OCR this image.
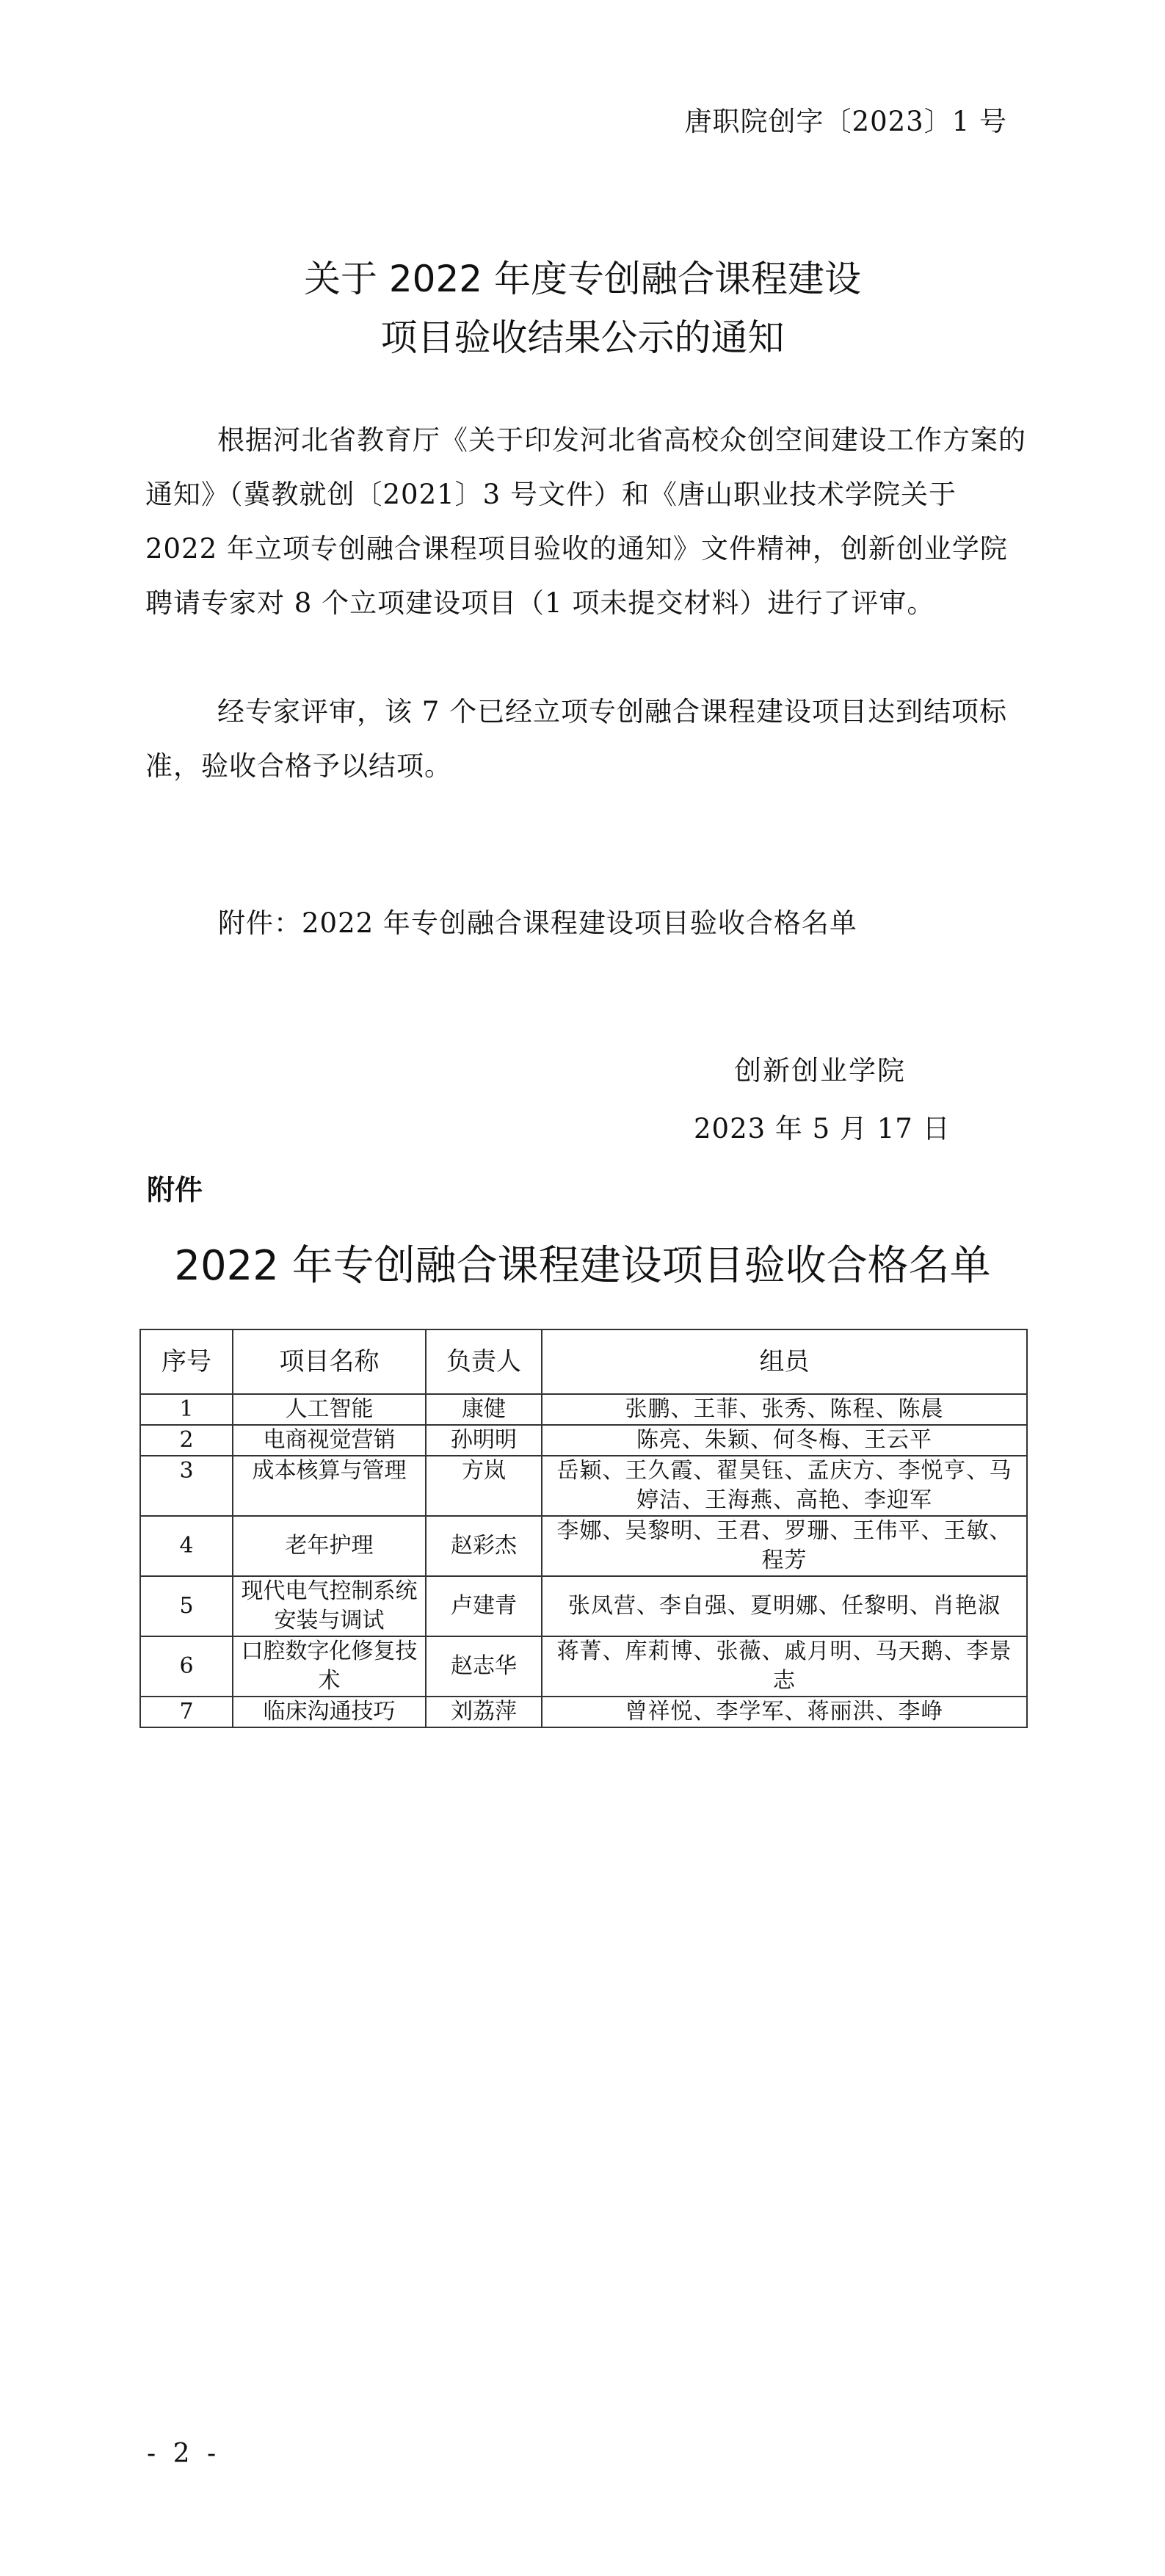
唐职院创字〔2023〕1 号
关于 2022 年度专创融合课程建设
项目验收结果公示的通知
根据河北省教育厅《关于印发河北省高校众创空间建设工作方案的通知》（冀教就创〔2021〕3 号文件）和《唐山职业技术学院关于 2022 年立项专创融合课程项目验收的通知》文件精神，创新创业学院聘请专家对 8 个立项建设项目（1 项未提交材料）进行了评审。
经专家评审，该 7 个已经立项专创融合课程建设项目达到结项标准，验收合格予以结项。
附件：2022 年专创融合课程建设项目验收合格名单
创新创业学院
2023 年 5 月 17 日
附件
2022 年专创融合课程建设项目验收合格名单
序号	项目名称	负责人	组员
1	人工智能	康健	张鹏、王菲、张秀、陈程、陈晨
2	电商视觉营销	孙明明	陈亮、朱颖、何冬梅、王云平
3	成本核算与管理	方岚	岳颖、王久霞、翟昊钰、孟庆方、李悦亨、马婷洁、王海燕、高艳、李迎军
4	老年护理	赵彩杰	李娜、吴黎明、王君、罗珊、王伟平、王敏、程芳
5	现代电气控制系统安装与调试	卢建青	张凤营、李自强、夏明娜、任黎明、肖艳淑
6	口腔数字化修复技术	赵志华	蒋菁、库莉博、张薇、戚月明、马天鹅、李景志
7	临床沟通技巧	刘荔萍	曾祥悦、李学军、蒋丽洪、李峥
- 2 -
